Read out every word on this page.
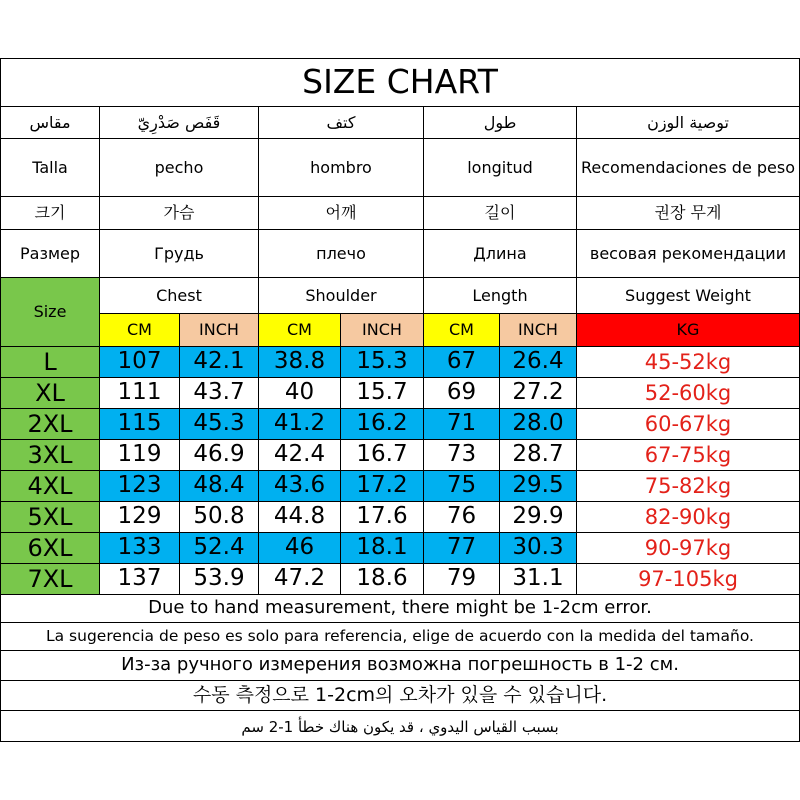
SIZE CHART
مقاس	قَفَص صَدْرِيّ	كتف	طول	توصية الوزن
Talla	pecho	hombro	longitud	Recomendaciones de peso
크기	가슴	어깨	길이	권장 무게
Размер	Грудь	плечо	Длина	весовая рекомендации
Size
Chest	Shoulder	Length	Suggest Weight
CM	INCH	CM	INCH	CM	INCH	KG
L	107	42.1	38.8	15.3	67	26.4	45-52kg
XL	111	43.7	40	15.7	69	27.2	52-60kg
2XL	115	45.3	41.2	16.2	71	28.0	60-67kg
3XL	119	46.9	42.4	16.7	73	28.7	67-75kg
4XL	123	48.4	43.6	17.2	75	29.5	75-82kg
5XL	129	50.8	44.8	17.6	76	29.9	82-90kg
6XL	133	52.4	46	18.1	77	30.3	90-97kg
7XL	137	53.9	47.2	18.6	79	31.1	97-105kg
Due to hand measurement, there might be 1-2cm error.
La sugerencia de peso es solo para referencia, elige de acuerdo con la medida del tamaño.
Из-за ручного измерения возможна погрешность в 1-2 см.
수동 측정으로 1-2cm의 오차가 있을 수 있습니다.
بسبب القياس اليدوي ، قد يكون هناك خطأ 1-2 سم
